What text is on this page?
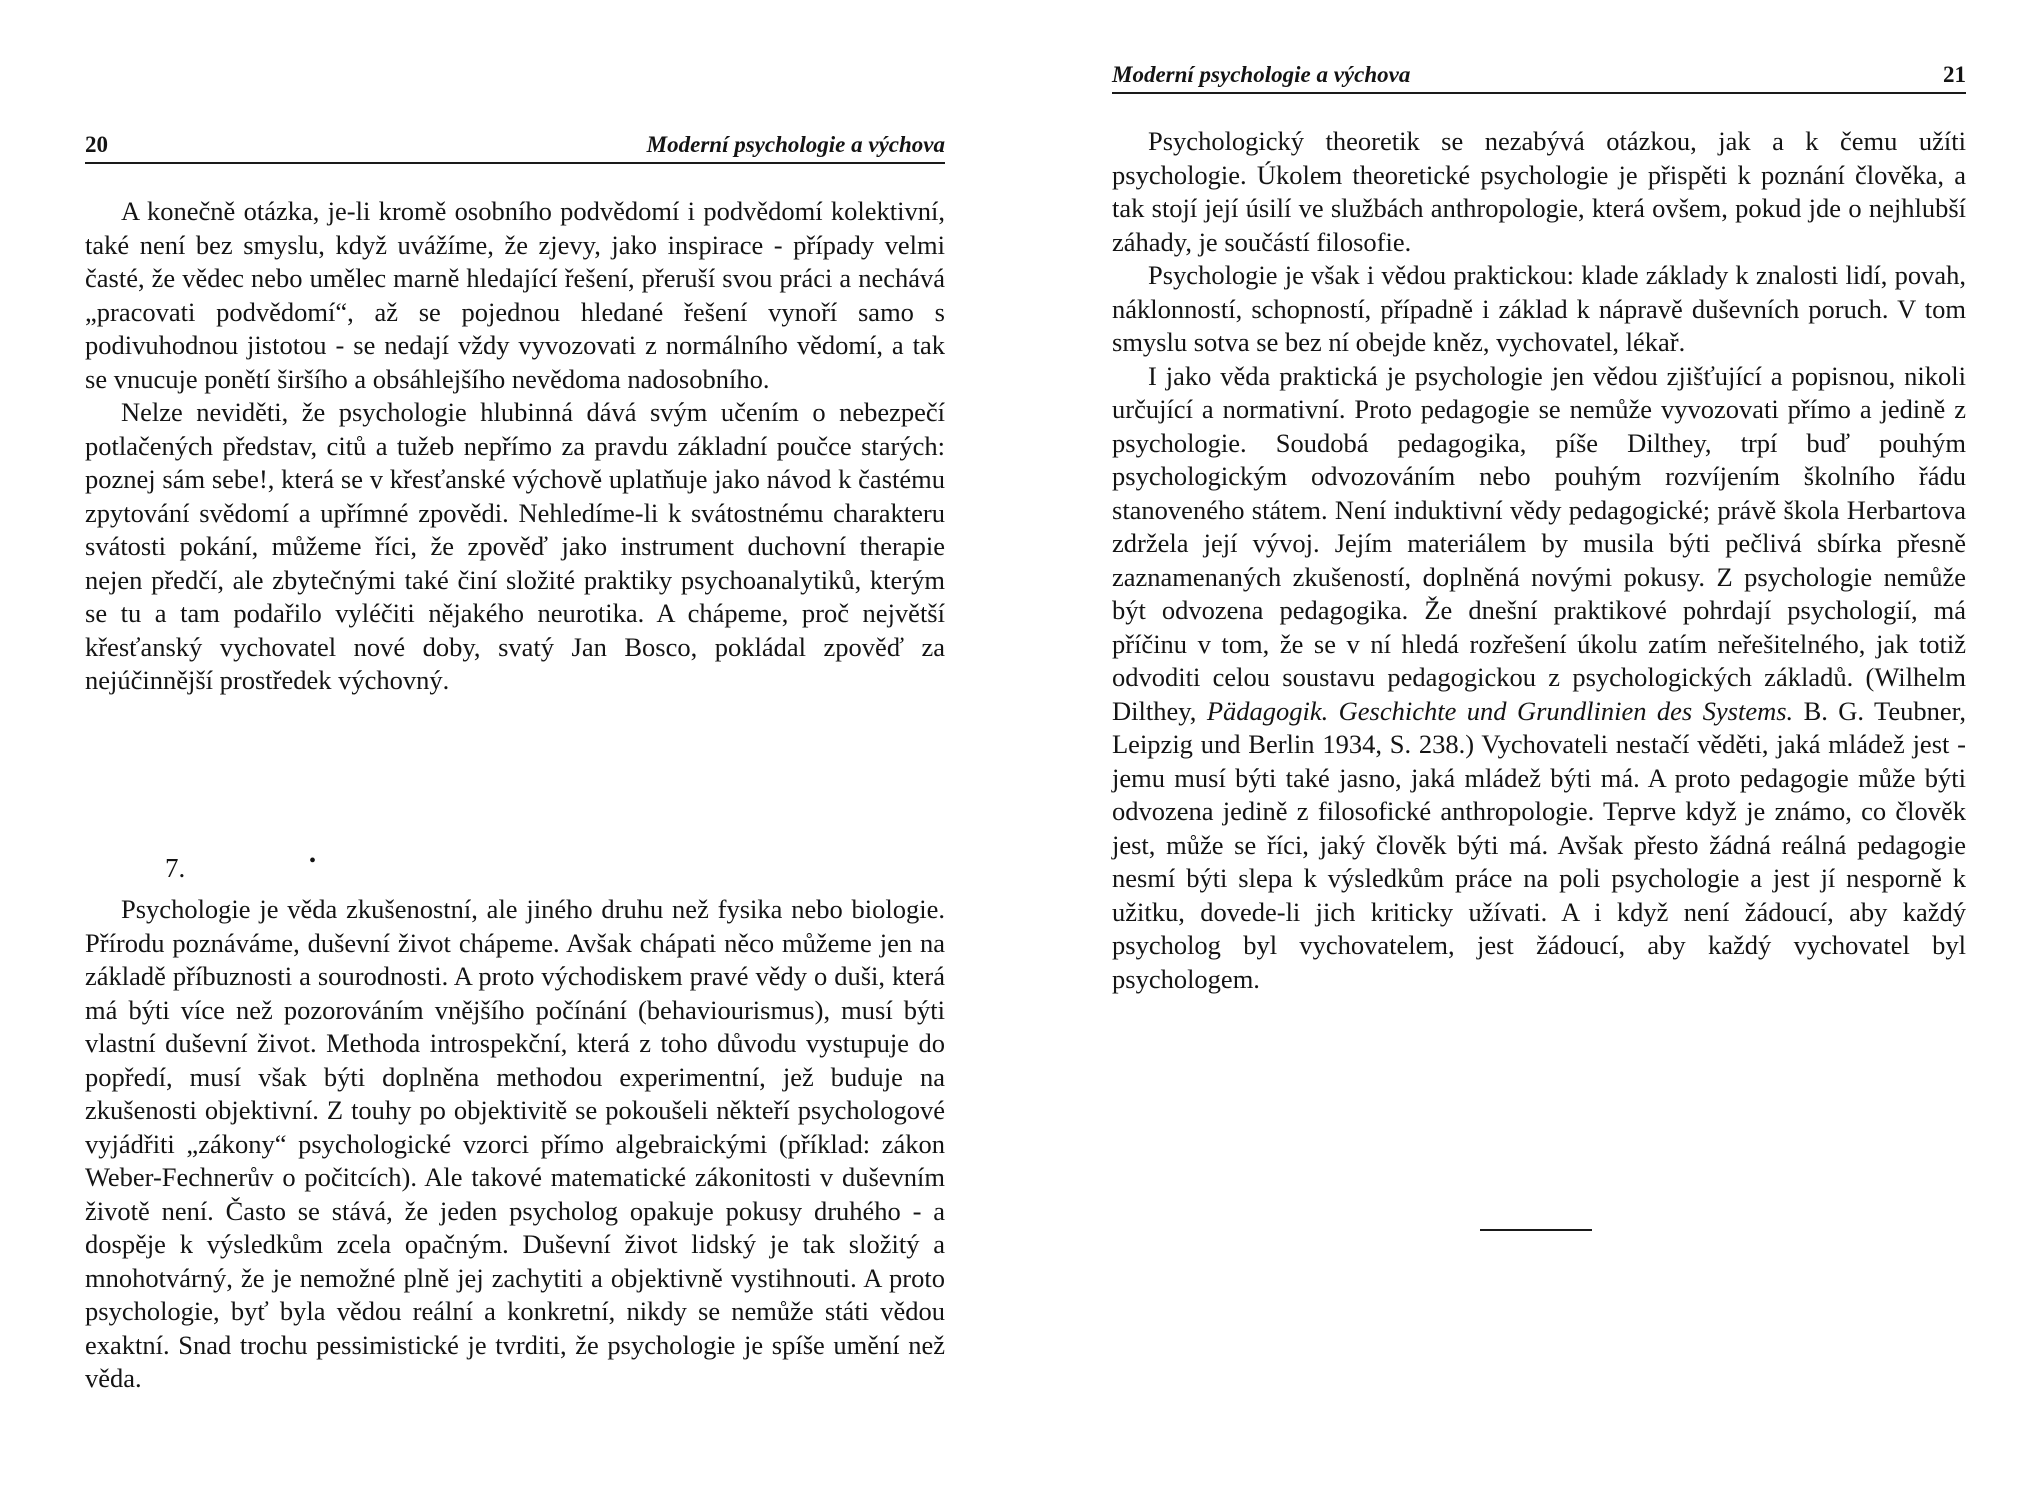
20	Moderní psychologie a výchova

A konečně otázka, je-li kromě osobního podvědomí i podvědomí kolektivní, také není bez smyslu, když uvážíme, že zjevy, jako inspirace - případy velmi časté, že vědec nebo umělec marně hledající řešení, přeruší svou práci a nechává „pracovati podvědomí“, až se pojednou hledané řešení vynoří samo s podivuhodnou jistotou - se nedají vždy vyvozovati z normálního vědomí, a tak se vnucuje ponětí širšího a obsáhlejšího nevědoma nadosobního.

Nelze neviděti, že psychologie hlubinná dává svým učením o nebezpečí potlačených představ, citů a tužeb nepřímo za pravdu základní poučce starých: poznej sám sebe!, která se v křesťanské výchově uplatňuje jako návod k častému zpytování svědomí a upřímné zpovědi. Nehledíme-li k svátostnému charakteru svátosti pokání, můžeme říci, že zpověď jako instrument duchovní therapie nejen předčí, ale zbytečnými také činí složité praktiky psychoanalytiků, kterým se tu a tam podařilo vyléčiti nějakého neurotika. A chápeme, proč největší křesťanský vychovatel nové doby, svatý Jan Bosco, pokládal zpověď za nejúčinnější prostředek výchovný.

7.	•

Psychologie je věda zkušenostní, ale jiného druhu než fysika nebo biologie. Přírodu poznáváme, duševní život chápeme. Avšak chápati něco můžeme jen na základě příbuznosti a sourodnosti. A proto východiskem pravé vědy o duši, která má býti více než pozorováním vnějšího počínání (behaviourismus), musí býti vlastní duševní život. Methoda introspekční, která z toho důvodu vystupuje do popředí, musí však býti doplněna methodou experimentní, jež buduje na zkušenosti objektivní. Z touhy po objektivitě se pokoušeli někteří psychologové vyjádřiti „zákony“ psychologické vzorci přímo algebraickými (příklad: zákon Weber-Fechnerův o počitcích). Ale takové matematické zákonitosti v duševním životě není. Často se stává, že jeden psycholog opakuje pokusy druhého - a dospěje k výsledkům zcela opačným. Duševní život lidský je tak složitý a mnohotvárný, že je nemožné plně jej zachytiti a objektivně vystihnouti. A proto psychologie, byť byla vědou reální a konkretní, nikdy se nemůže státi vědou exaktní. Snad trochu pessimistické je tvrditi, že psychologie je spíše umění než věda.

Moderní psychologie a výchova	21

Psychologický theoretik se nezabývá otázkou, jak a k čemu užíti psychologie. Úkolem theoretické psychologie je přispěti k poznání člověka, a tak stojí její úsilí ve službách anthropologie, která ovšem, pokud jde o nejhlubší záhady, je součástí filosofie.

Psychologie je však i vědou praktickou: klade základy k znalosti lidí, povah, náklonností, schopností, případně i základ k nápravě duševních poruch. V tom smyslu sotva se bez ní obejde kněz, vychovatel, lékař.

I jako věda praktická je psychologie jen vědou zjišťující a popisnou, nikoli určující a normativní. Proto pedagogie se nemůže vyvozovati přímo a jedině z psychologie. Soudobá pedagogika, píše Dilthey, trpí buď pouhým psychologickým odvozováním nebo pouhým rozvíjením školního řádu stanoveného státem. Není induktivní vědy pedagogické; právě škola Herbartova zdržela její vývoj. Jejím materiálem by musila býti pečlivá sbírka přesně zaznamenaných zkušeností, doplněná novými pokusy. Z psychologie nemůže být odvozena pedagogika. Že dnešní praktikové pohrdají psychologií, má příčinu v tom, že se v ní hledá rozřešení úkolu zatím neřešitelného, jak totiž odvoditi celou soustavu pedagogickou z psychologických základů. (Wilhelm Dilthey, Pädagogik. Geschichte und Grundlinien des Systems. B. G. Teubner, Leipzig und Berlin 1934, S. 238.) Vychovateli nestačí věděti, jaká mládež jest - jemu musí býti také jasno, jaká mládež býti má. A proto pedagogie může býti odvozena jedině z filosofické anthropologie. Teprve když je známo, co člověk jest, může se říci, jaký člověk býti má. Avšak přesto žádná reálná pedagogie nesmí býti slepa k výsledkům práce na poli psychologie a jest jí nesporně k užitku, dovede-li jich kriticky užívati. A i když není žádoucí, aby každý psycholog byl vychovatelem, jest žádoucí, aby každý vychovatel byl psychologem.
